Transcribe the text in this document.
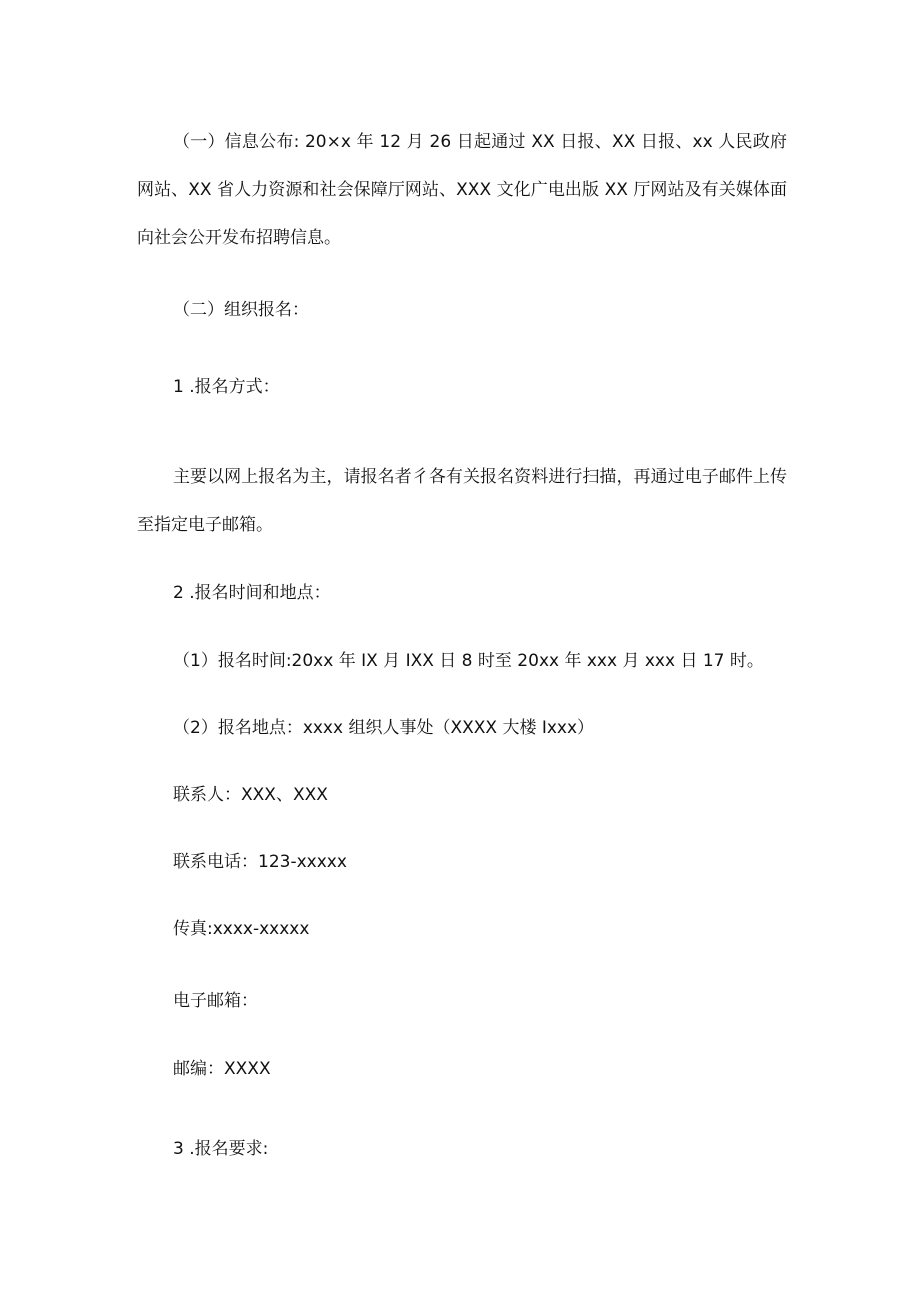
（一）信息公布: 20×x 年 12 月 26 日起通过 XX 日报、XX 日报、xx 人民政府网站、XX 省人力资源和社会保障厅网站、XXX 文化广电出版 XX 厅网站及有关媒体面向社会公开发布招聘信息。

（二）组织报名：

1 .报名方式：

主要以网上报名为主，请报名者彳各有关报名资料进行扫描，再通过电子邮件上传至指定电子邮箱。

2 .报名时间和地点：

（1）报名时间:20xx 年 IX 月 IXX 日 8 时至 20xx 年 xxx 月 xxx 日 17 时。

（2）报名地点：xxxx 组织人事处（XXXX 大楼 Ixxx）

联系人：XXX、XXX

联系电话：123-xxxxx

传真:xxxx-xxxxx

电子邮箱：

邮编：XXXX

3 .报名要求:
